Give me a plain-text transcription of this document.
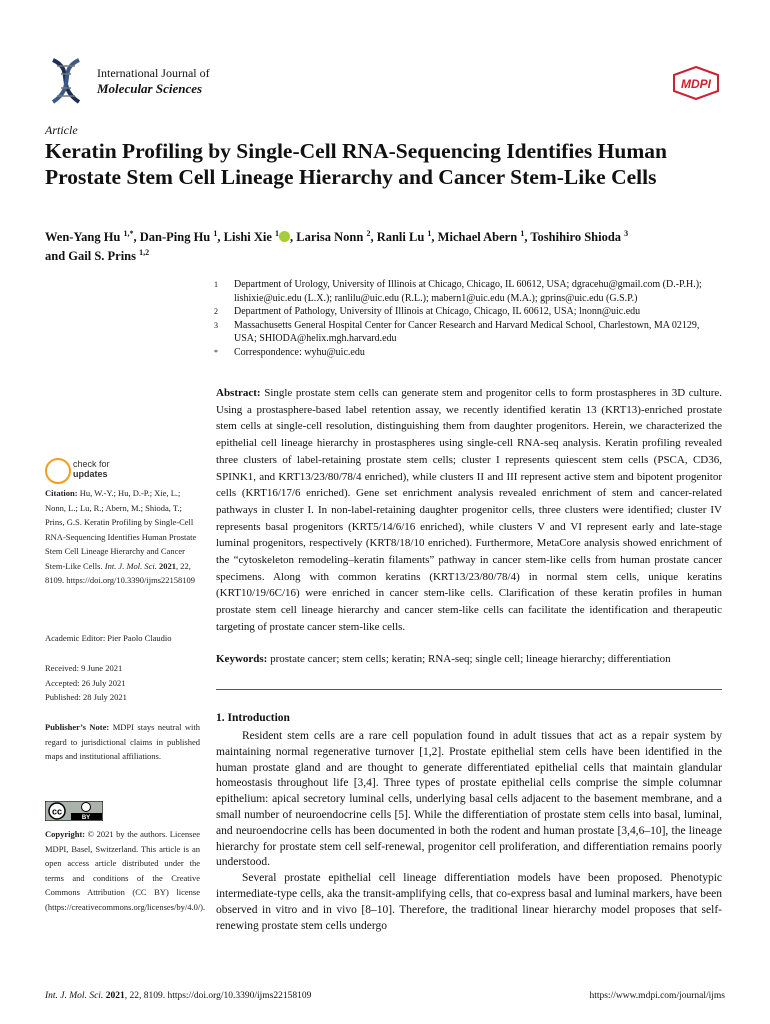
International Journal of
Molecular Sciences	MDPI
Article
Keratin Profiling by Single-Cell RNA-Sequencing Identifies Human Prostate Stem Cell Lineage Hierarchy and Cancer Stem-Like Cells
Wen-Yang Hu $^{1,*}$, Dan-Ping Hu $^1$, Lishi Xie $^1$ , Larisa Nonn $^2$, Ranli Lu $^1$, Michael Abern $^1$, Toshihiro Shioda $^3$
and Gail S. Prins $^{1,2}$
1 Department of Urology, University of Illinois at Chicago, Chicago, IL 60612, USA; dgracehu@gmail.com (D.-P.H.); lishixie@uic.edu (L.X.); ranlilu@uic.edu (R.L.); mabern1@uic.edu (M.A.); gprins@uic.edu (G.S.P.)
2 Department of Pathology, University of Illinois at Chicago, Chicago, IL 60612, USA; lnonn@uic.edu
3 Massachusetts General Hospital Center for Cancer Research and Harvard Medical School, Charlestown, MA 02129, USA; SHIODA@helix.mgh.harvard.edu
* Correspondence: wyhu@uic.edu
check for
updates
Citation: Hu, W.-Y.; Hu, D.-P.; Xie, L.; Nonn, L.; Lu, R.; Abern, M.; Shioda, T.; Prins, G.S. Keratin Profiling by Single-Cell RNA-Sequencing Identifies Human Prostate Stem Cell Lineage Hierarchy and Cancer Stem-Like Cells. Int. J. Mol. Sci. 2021, 22, 8109. https://doi.org/10.3390/ijms22158109
Academic Editor: Pier Paolo Claudio
Received: 9 June 2021
Accepted: 26 July 2021
Published: 28 July 2021
Publisher’s Note: MDPI stays neutral with regard to jurisdictional claims in published maps and institutional affiliations.
cc
BY
Copyright: © 2021 by the authors. Licensee MDPI, Basel, Switzerland. This article is an open access article distributed under the terms and conditions of the Creative Commons Attribution (CC BY) license (https://creativecommons.org/licenses/by/4.0/).
Abstract: Single prostate stem cells can generate stem and progenitor cells to form prostaspheres in 3D culture. Using a prostasphere-based label retention assay, we recently identified keratin 13 (KRT13)-enriched prostate stem cells at single-cell resolution, distinguishing them from daughter progenitors. Herein, we characterized the epithelial cell lineage hierarchy in prostaspheres using single-cell RNA-seq analysis. Keratin profiling revealed three clusters of label-retaining prostate stem cells; cluster I represents quiescent stem cells (PSCA, CD36, SPINK1, and KRT13/23/80/78/4 enriched), while clusters II and III represent active stem and bipotent progenitor cells (KRT16/17/6 enriched). Gene set enrichment analysis revealed enrichment of stem and cancer-related pathways in cluster I. In non-label-retaining daughter progenitor cells, three clusters were identified; cluster IV represents basal progenitors (KRT5/14/6/16 enriched), while clusters V and VI represent early and late-stage luminal progenitors, respectively (KRT8/18/10 enriched). Furthermore, MetaCore analysis showed enrichment of the “cytoskeleton remodeling–keratin filaments” pathway in cancer stem-like cells from human prostate cancer specimens. Along with common keratins (KRT13/23/80/78/4) in normal stem cells, unique keratins (KRT10/19/6C/16) were enriched in cancer stem-like cells. Clarification of these keratin profiles in human prostate stem cell lineage hierarchy and cancer stem-like cells can facilitate the identification and therapeutic targeting of prostate cancer stem-like cells.
Keywords: prostate cancer; stem cells; keratin; RNA-seq; single cell; lineage hierarchy; differentiation
1. Introduction

Resident stem cells are a rare cell population found in adult tissues that act as a repair system by maintaining normal regenerative turnover [1,2]. Prostate epithelial stem cells have been identified in the human prostate gland and are thought to generate differentiated epithelial cells that maintain glandular homeostasis throughout life [3,4]. Three types of prostate epithelial cells comprise the simple columnar epithelium: apical secretory luminal cells, underlying basal cells adjacent to the basement membrane, and a small number of neuroendocrine cells [5]. While the differentiation of prostate stem cells into basal, luminal, and neuroendocrine cells has been documented in both the rodent and human prostate [3,4,6–10], the lineage hierarchy for prostate stem cell self-renewal, progenitor cell proliferation, and differentiation remains poorly understood.

Several prostate epithelial cell lineage differentiation models have been proposed. Phenotypic intermediate-type cells, aka the transit-amplifying cells, that co-express basal and luminal markers, have been observed in vitro and in vivo [8–10]. Therefore, the traditional linear hierarchy model proposes that self-renewing prostate stem cells undergo

Int. J. Mol. Sci. 2021, 22, 8109. https://doi.org/10.3390/ijms22158109	https://www.mdpi.com/journal/ijms
